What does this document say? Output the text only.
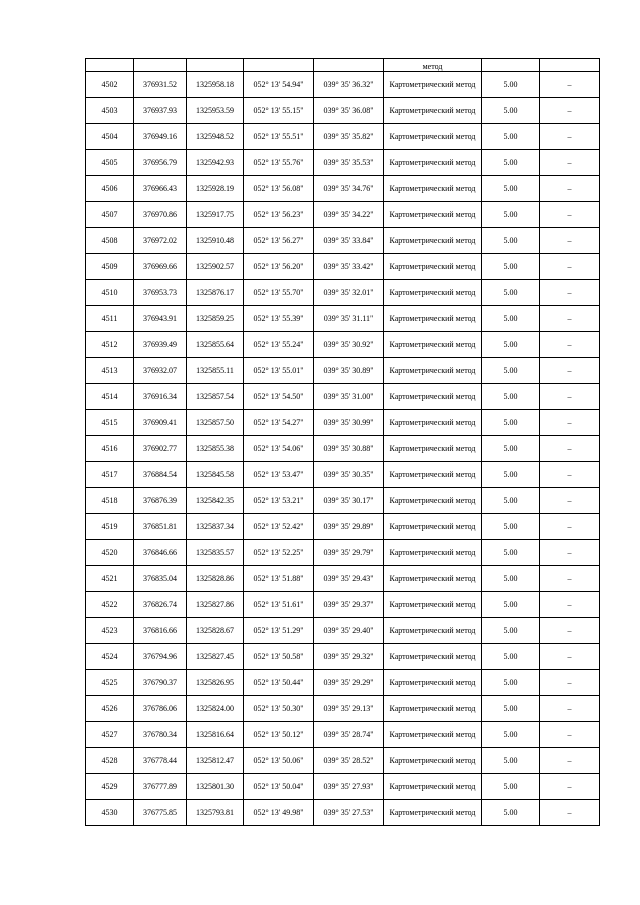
					метод		
4502	376931.52	1325958.18	052° 13' 54.94"	039° 35' 36.32"	Картометрический метод	5.00	–
4503	376937.93	1325953.59	052° 13' 55.15"	039° 35' 36.08"	Картометрический метод	5.00	–
4504	376949.16	1325948.52	052° 13' 55.51"	039° 35' 35.82"	Картометрический метод	5.00	–
4505	376956.79	1325942.93	052° 13' 55.76"	039° 35' 35.53"	Картометрический метод	5.00	–
4506	376966.43	1325928.19	052° 13' 56.08"	039° 35' 34.76"	Картометрический метод	5.00	–
4507	376970.86	1325917.75	052° 13' 56.23"	039° 35' 34.22"	Картометрический метод	5.00	–
4508	376972.02	1325910.48	052° 13' 56.27"	039° 35' 33.84"	Картометрический метод	5.00	–
4509	376969.66	1325902.57	052° 13' 56.20"	039° 35' 33.42"	Картометрический метод	5.00	–
4510	376953.73	1325876.17	052° 13' 55.70"	039° 35' 32.01"	Картометрический метод	5.00	–
4511	376943.91	1325859.25	052° 13' 55.39"	039° 35' 31.11"	Картометрический метод	5.00	–
4512	376939.49	1325855.64	052° 13' 55.24"	039° 35' 30.92"	Картометрический метод	5.00	–
4513	376932.07	1325855.11	052° 13' 55.01"	039° 35' 30.89"	Картометрический метод	5.00	–
4514	376916.34	1325857.54	052° 13' 54.50"	039° 35' 31.00"	Картометрический метод	5.00	–
4515	376909.41	1325857.50	052° 13' 54.27"	039° 35' 30.99"	Картометрический метод	5.00	–
4516	376902.77	1325855.38	052° 13' 54.06"	039° 35' 30.88"	Картометрический метод	5.00	–
4517	376884.54	1325845.58	052° 13' 53.47"	039° 35' 30.35"	Картометрический метод	5.00	–
4518	376876.39	1325842.35	052° 13' 53.21"	039° 35' 30.17"	Картометрический метод	5.00	–
4519	376851.81	1325837.34	052° 13' 52.42"	039° 35' 29.89"	Картометрический метод	5.00	–
4520	376846.66	1325835.57	052° 13' 52.25"	039° 35' 29.79"	Картометрический метод	5.00	–
4521	376835.04	1325828.86	052° 13' 51.88"	039° 35' 29.43"	Картометрический метод	5.00	–
4522	376826.74	1325827.86	052° 13' 51.61"	039° 35' 29.37"	Картометрический метод	5.00	–
4523	376816.66	1325828.67	052° 13' 51.29"	039° 35' 29.40"	Картометрический метод	5.00	–
4524	376794.96	1325827.45	052° 13' 50.58"	039° 35' 29.32"	Картометрический метод	5.00	–
4525	376790.37	1325826.95	052° 13' 50.44"	039° 35' 29.29"	Картометрический метод	5.00	–
4526	376786.06	1325824.00	052° 13' 50.30"	039° 35' 29.13"	Картометрический метод	5.00	–
4527	376780.34	1325816.64	052° 13' 50.12"	039° 35' 28.74"	Картометрический метод	5.00	–
4528	376778.44	1325812.47	052° 13' 50.06"	039° 35' 28.52"	Картометрический метод	5.00	–
4529	376777.89	1325801.30	052° 13' 50.04"	039° 35' 27.93"	Картометрический метод	5.00	–
4530	376775.85	1325793.81	052° 13' 49.98"	039° 35' 27.53"	Картометрический метод	5.00	–
